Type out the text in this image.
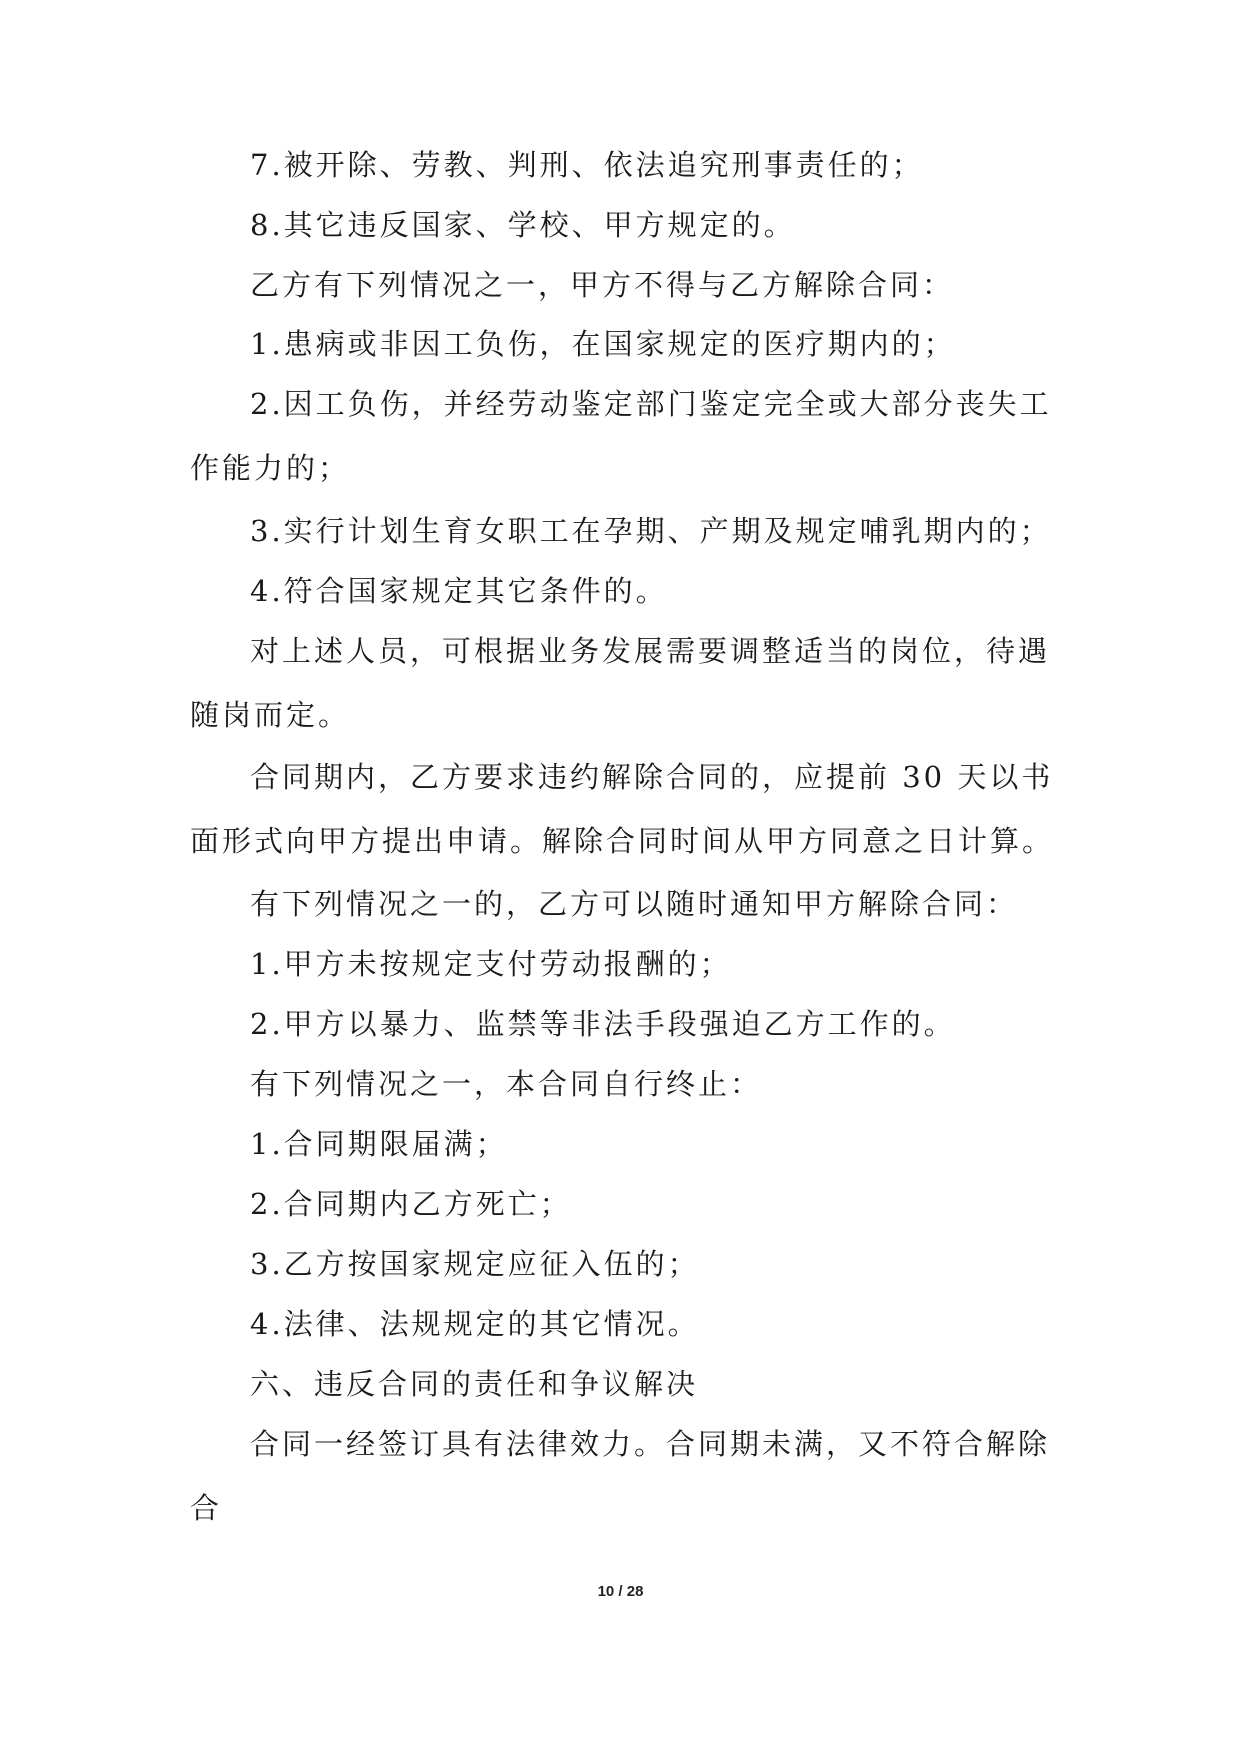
7.被开除、劳教、判刑、依法追究刑事责任的；

8.其它违反国家、学校、甲方规定的。

乙方有下列情况之一，甲方不得与乙方解除合同：

1.患病或非因工负伤，在国家规定的医疗期内的；

2.因工负伤，并经劳动鉴定部门鉴定完全或大部分丧失工作能力的；

3.实行计划生育女职工在孕期、产期及规定哺乳期内的；

4.符合国家规定其它条件的。

对上述人员，可根据业务发展需要调整适当的岗位，待遇随岗而定。

合同期内，乙方要求违约解除合同的，应提前 30 天以书面形式向甲方提出申请。解除合同时间从甲方同意之日计算。

有下列情况之一的，乙方可以随时通知甲方解除合同：

1.甲方未按规定支付劳动报酬的；

2.甲方以暴力、监禁等非法手段强迫乙方工作的。

有下列情况之一，本合同自行终止：

1.合同期限届满；

2.合同期内乙方死亡；

3.乙方按国家规定应征入伍的；

4.法律、法规规定的其它情况。

六、违反合同的责任和争议解决

合同一经签订具有法律效力。合同期未满，又不符合解除合

10 / 28
